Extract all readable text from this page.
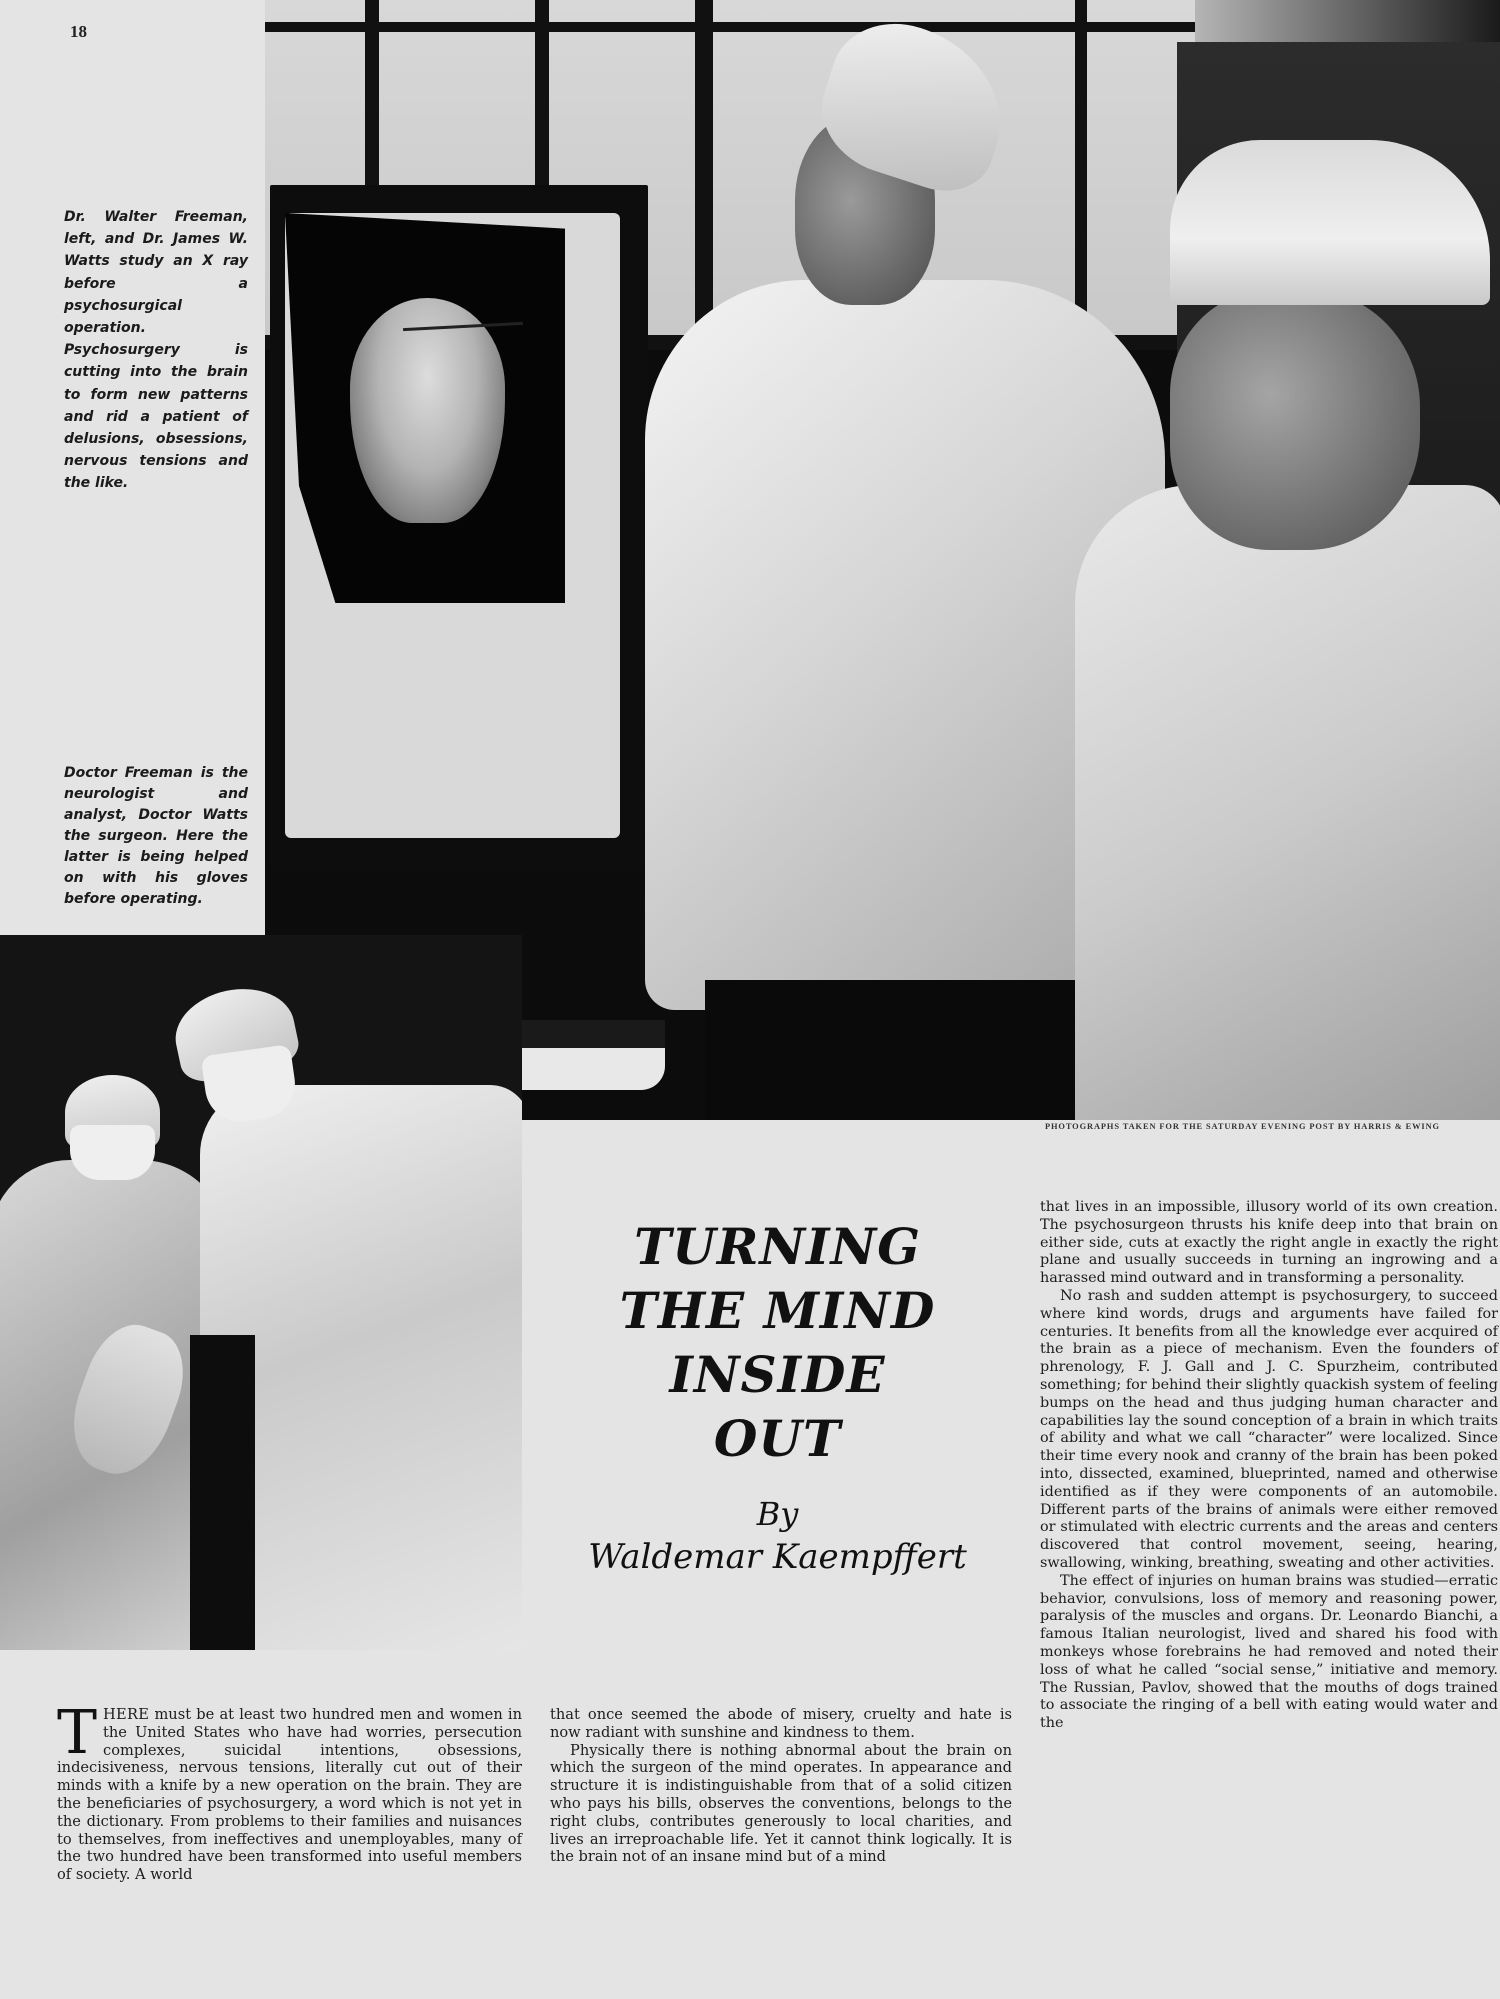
18
PHOTOGRAPHS TAKEN FOR THE SATURDAY EVENING POST BY HARRIS & EWING

Dr. Walter Freeman, left, and Dr. James W. Watts study an X ray before a psychosurgical operation. Psychosurgery is cutting into the brain to form new patterns and rid a patient of delusions, obsessions, nervous tensions and the like.

Doctor Freeman is the neurologist and analyst, Doctor Watts the surgeon. Here the latter is being helped on with his gloves before operating.

TURNING
THE MIND
INSIDE
OUT
By
Waldemar Kaempffert

THERE must be at least two hundred men and women in the United States who have had worries, persecution complexes, suicidal intentions, obsessions, indecisiveness, nervous tensions, literally cut out of their minds with a knife by a new operation on the brain. They are the beneficiaries of psychosurgery, a word which is not yet in the dictionary. From problems to their families and nuisances to themselves, from ineffectives and unemployables, many of the two hundred have been transformed into useful members of society. A world

that once seemed the abode of misery, cruelty and hate is now radiant with sunshine and kindness to them.

Physically there is nothing abnormal about the brain on which the surgeon of the mind operates. In appearance and structure it is indistinguishable from that of a solid citizen who pays his bills, observes the conventions, belongs to the right clubs, contributes generously to local charities, and lives an irreproachable life. Yet it cannot think logically. It is the brain not of an insane mind but of a mind

that lives in an impossible, illusory world of its own creation. The psychosurgeon thrusts his knife deep into that brain on either side, cuts at exactly the right angle in exactly the right plane and usually succeeds in turning an ingrowing and a harassed mind outward and in transforming a personality.

No rash and sudden attempt is psychosurgery, to succeed where kind words, drugs and arguments have failed for centuries. It benefits from all the knowledge ever acquired of the brain as a piece of mechanism. Even the founders of phrenology, F. J. Gall and J. C. Spurzheim, contributed something; for behind their slightly quackish system of feeling bumps on the head and thus judging human character and capabilities lay the sound conception of a brain in which traits of ability and what we call “character” were localized. Since their time every nook and cranny of the brain has been poked into, dissected, examined, blueprinted, named and otherwise identified as if they were components of an automobile. Different parts of the brains of animals were either removed or stimulated with electric currents and the areas and centers discovered that control movement, seeing, hearing, swallowing, winking, breathing, sweating and other activities.

The effect of injuries on human brains was studied—erratic behavior, convulsions, loss of memory and reasoning power, paralysis of the muscles and organs. Dr. Leonardo Bianchi, a famous Italian neurologist, lived and shared his food with monkeys whose forebrains he had removed and noted their loss of what he called “social sense,” initiative and memory. The Russian, Pavlov, showed that the mouths of dogs trained to associate the ringing of a bell with eating would water and the
